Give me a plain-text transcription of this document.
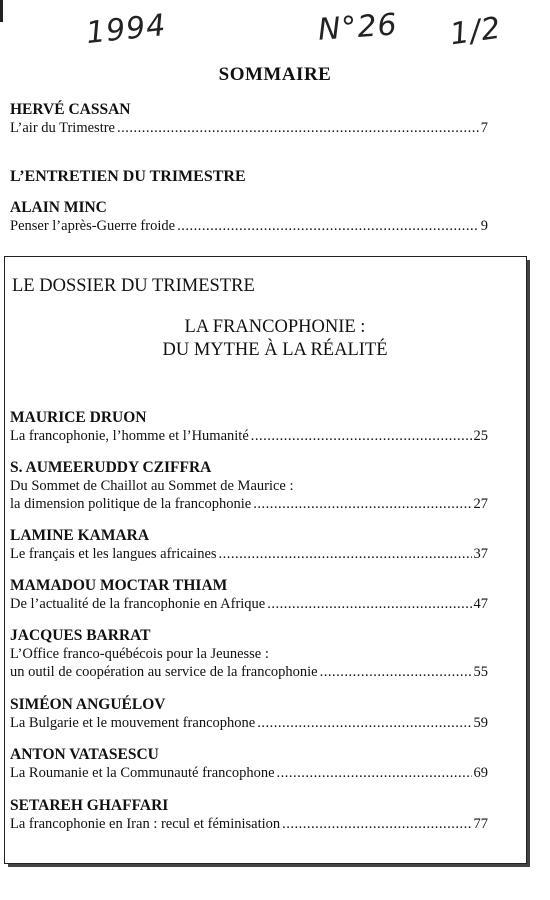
1994	N°26 1/2
SOMMAIRE
HERVÉ CASSAN
L’air du Trimestre .....	7
L’ENTRETIEN DU TRIMESTRE
ALAIN MINC
Penser l’après-Guerre froide .....	9
LE DOSSIER DU TRIMESTRE
LA FRANCOPHONIE :
DU MYTHE À LA RÉALITÉ
MAURICE DRUON
La francophonie, l’homme et l’Humanité .....	25
S. AUMEERUDDY CZIFFRA
Du Sommet de Chaillot au Sommet de Maurice :
la dimension politique de la francophonie .....	27
LAMINE KAMARA
Le français et les langues africaines .....	37
MAMADOU MOCTAR THIAM
De l’actualité de la francophonie en Afrique .....	47
JACQUES BARRAT
L’Office franco-québécois pour la Jeunesse :
un outil de coopération au service de la francophonie .....	55
SIMÉON ANGUÉLOV
La Bulgarie et le mouvement francophone .....	59
ANTON VATASESCU
La Roumanie et la Communauté francophone .....	69
SETAREH GHAFFARI
La francophonie en Iran : recul et féminisation .....	77
